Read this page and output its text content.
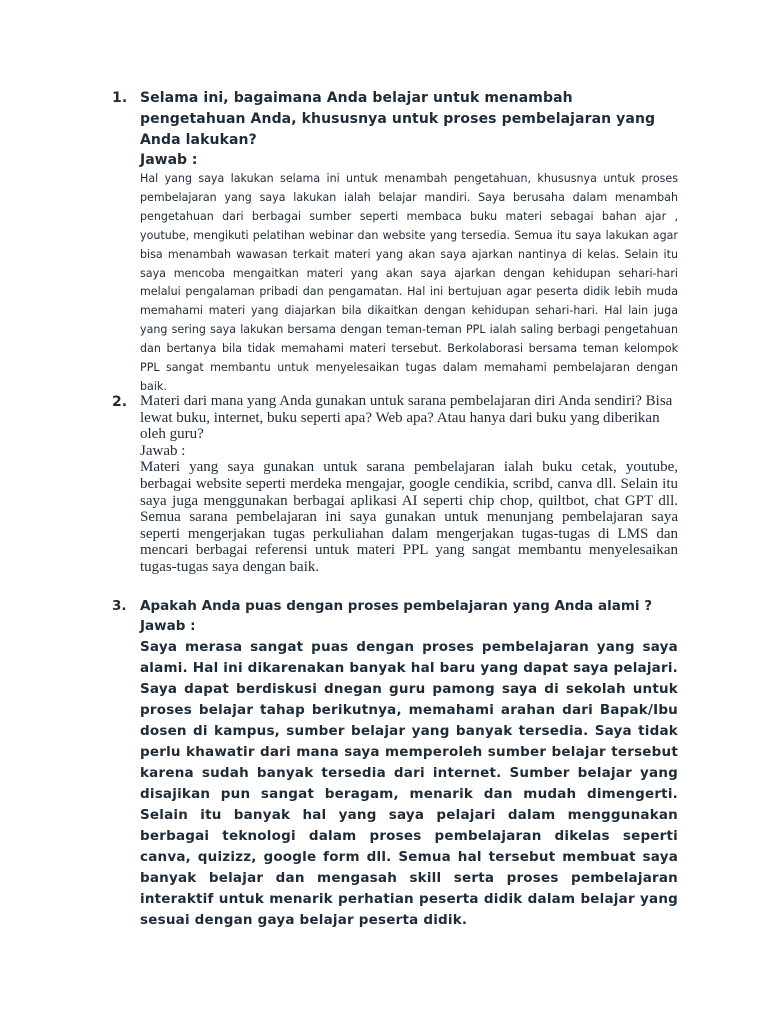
1. Selama ini, bagaimana Anda belajar untuk menambah pengetahuan Anda, khususnya untuk proses pembelajaran yang Anda lakukan?

Jawab :

Hal yang saya lakukan selama ini untuk menambah pengetahuan, khususnya untuk proses pembelajaran yang saya lakukan ialah belajar mandiri. Saya berusaha dalam menambah pengetahuan dari berbagai sumber seperti membaca buku materi sebagai bahan ajar , youtube, mengikuti pelatihan webinar dan website yang tersedia. Semua itu saya lakukan agar bisa menambah wawasan terkait materi yang akan saya ajarkan nantinya di kelas. Selain itu saya mencoba mengaitkan materi yang akan saya ajarkan dengan kehidupan sehari-hari melalui pengalaman pribadi dan pengamatan. Hal ini bertujuan agar peserta didik lebih muda memahami materi yang diajarkan bila dikaitkan dengan kehidupan sehari-hari. Hal lain juga yang sering saya lakukan bersama dengan teman-teman PPL ialah saling berbagi pengetahuan dan bertanya bila tidak memahami materi tersebut. Berkolaborasi bersama teman kelompok PPL sangat membantu untuk menyelesaikan tugas dalam memahami pembelajaran dengan baik.

2. Materi dari mana yang Anda gunakan untuk sarana pembelajaran diri Anda sendiri? Bisa lewat buku, internet, buku seperti apa? Web apa? Atau hanya dari buku yang diberikan oleh guru?

Jawab :

Materi yang saya gunakan untuk sarana pembelajaran ialah buku cetak, youtube, berbagai website seperti merdeka mengajar, google cendikia, scribd, canva dll. Selain itu saya juga menggunakan berbagai aplikasi AI seperti chip chop, quiltbot, chat GPT dll. Semua sarana pembelajaran ini saya gunakan untuk menunjang pembelajaran saya seperti mengerjakan tugas perkuliahan dalam mengerjakan tugas-tugas di LMS dan mencari berbagai referensi untuk materi PPL yang sangat membantu menyelesaikan tugas-tugas saya dengan baik.

3. Apakah Anda puas dengan proses pembelajaran yang Anda alami ?

Jawab :

Saya merasa sangat puas dengan proses pembelajaran yang saya alami. Hal ini dikarenakan banyak hal baru yang dapat saya pelajari. Saya dapat berdiskusi dnegan guru pamong saya di sekolah untuk proses belajar tahap berikutnya, memahami arahan dari Bapak/Ibu dosen di kampus, sumber belajar yang banyak tersedia. Saya tidak perlu khawatir dari mana saya memperoleh sumber belajar tersebut karena sudah banyak tersedia dari internet. Sumber belajar yang disajikan pun sangat beragam, menarik dan mudah dimengerti. Selain itu banyak hal yang saya pelajari dalam menggunakan berbagai teknologi dalam proses pembelajaran dikelas seperti canva, quizizz, google form dll. Semua hal tersebut membuat saya banyak belajar dan mengasah skill serta proses pembelajaran interaktif untuk menarik perhatian peserta didik dalam belajar yang sesuai dengan gaya belajar peserta didik.
